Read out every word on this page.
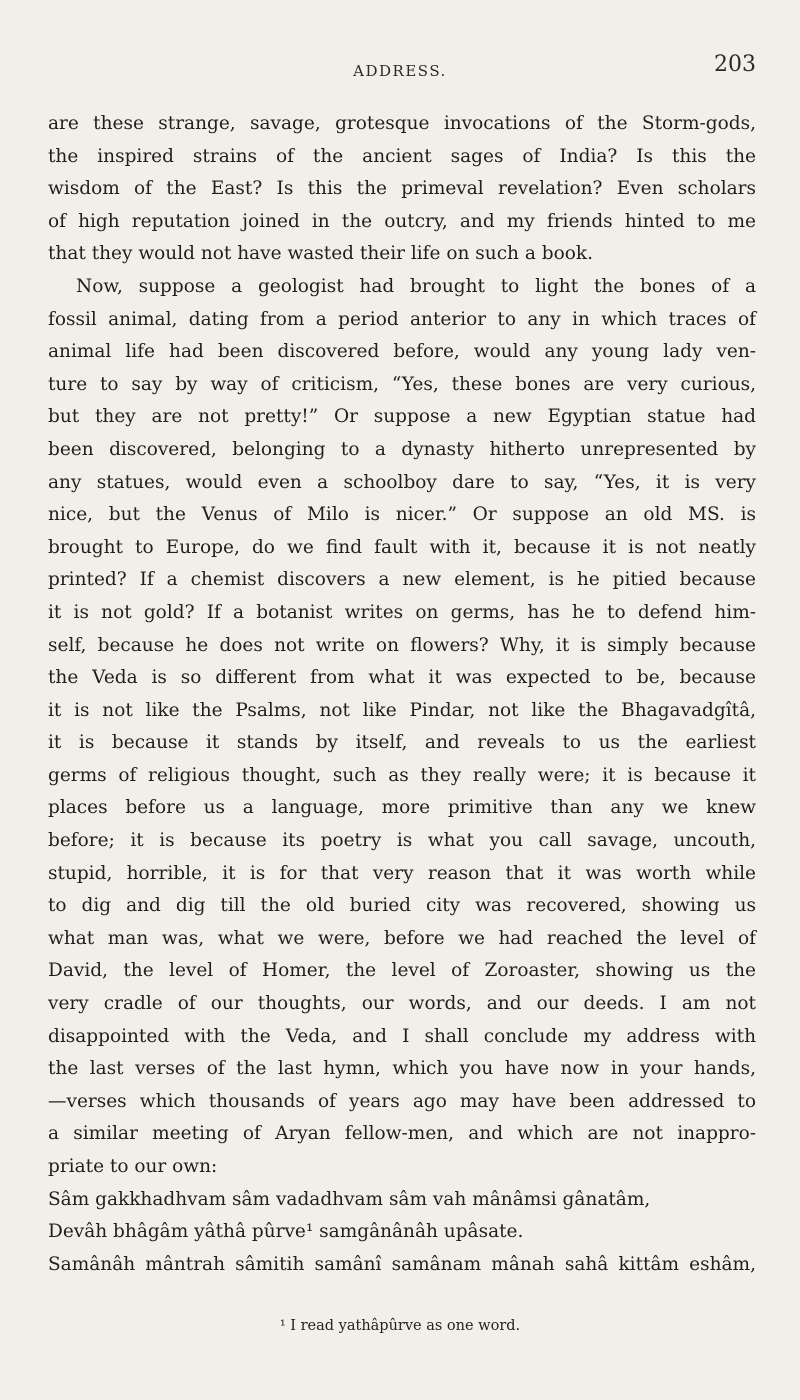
ADDRESS.	203
are these strange, savage, grotesque invocations of the Storm-gods,
the inspired strains of the ancient sages of India? Is this the
wisdom of the East? Is this the primeval revelation? Even scholars
of high reputation joined in the outcry, and my friends hinted to me
that they would not have wasted their life on such a book.
Now, suppose a geologist had brought to light the bones of a
fossil animal, dating from a period anterior to any in which traces of
animal life had been discovered before, would any young lady ven-
ture to say by way of criticism, “Yes, these bones are very curious,
but they are not pretty!” Or suppose a new Egyptian statue had
been discovered, belonging to a dynasty hitherto unrepresented by
any statues, would even a schoolboy dare to say, “Yes, it is very
nice, but the Venus of Milo is nicer.” Or suppose an old MS. is
brought to Europe, do we find fault with it, because it is not neatly
printed? If a chemist discovers a new element, is he pitied because
it is not gold? If a botanist writes on germs, has he to defend him-
self, because he does not write on flowers? Why, it is simply because
the Veda is so different from what it was expected to be, because
it is not like the Psalms, not like Pindar, not like the Bhagavadgîtâ,
it is because it stands by itself, and reveals to us the earliest
germs of religious thought, such as they really were; it is because it
places before us a language, more primitive than any we knew
before; it is because its poetry is what you call savage, uncouth,
stupid, horrible, it is for that very reason that it was worth while
to dig and dig till the old buried city was recovered, showing us
what man was, what we were, before we had reached the level of
David, the level of Homer, the level of Zoroaster, showing us the
very cradle of our thoughts, our words, and our deeds. I am not
disappointed with the Veda, and I shall conclude my address with
the last verses of the last hymn, which you have now in your hands,
—verses which thousands of years ago may have been addressed to
a similar meeting of Aryan fellow-men, and which are not inappro-
priate to our own:
Sâm gakkhadhvam sâm vadadhvam sâm vah mânâmsi gânatâm,
Devâh bhâgâm yâthâ pûrve¹ samgânânâh upâsate.
Samânâh mântrah sâmitih samânî samânam mânah sahâ kittâm eshâm,
¹ I read yathâpûrve as one word.
